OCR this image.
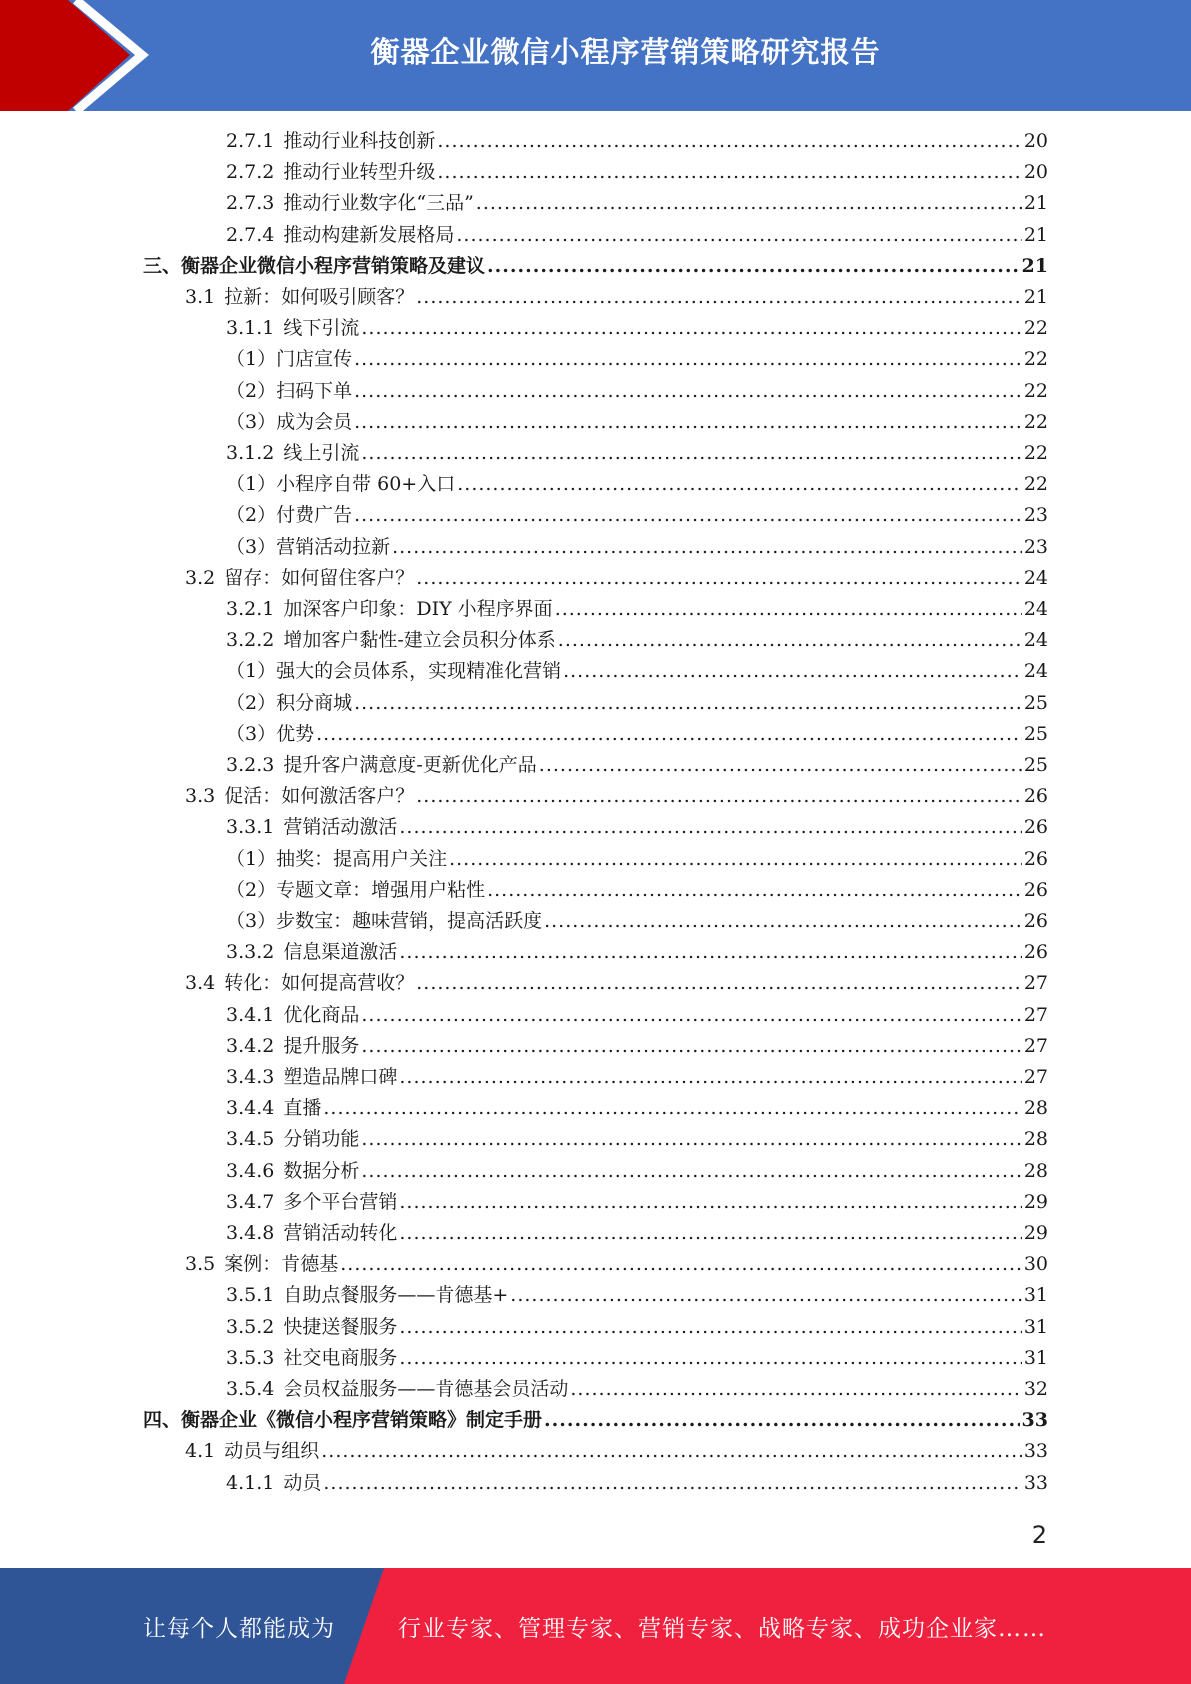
衡器企业微信小程序营销策略研究报告
2.7.1 推动行业科技创新 .....	20
2.7.2 推动行业转型升级 .....	20
2.7.3 推动行业数字化“三品” .....	21
2.7.4 推动构建新发展格局 .....	21
三、衡器企业微信小程序营销策略及建议 .....	21
3.1 拉新：如何吸引顾客？ .....	21
3.1.1 线下引流 .....	22
（1）门店宣传 .....	22
（2）扫码下单 .....	22
（3）成为会员 .....	22
3.1.2 线上引流 .....	22
（1）小程序自带 60+入口 .....	22
（2）付费广告 .....	23
（3）营销活动拉新 .....	23
3.2 留存：如何留住客户？ .....	24
3.2.1 加深客户印象：DIY 小程序界面 .....	24
3.2.2 增加客户黏性-建立会员积分体系 .....	24
（1）强大的会员体系，实现精准化营销 .....	24
（2）积分商城 .....	25
（3）优势 .....	25
3.2.3 提升客户满意度-更新优化产品 .....	25
3.3 促活：如何激活客户？ .....	26
3.3.1 营销活动激活 .....	26
（1）抽奖：提高用户关注 .....	26
（2）专题文章：增强用户粘性 .....	26
（3）步数宝：趣味营销，提高活跃度 .....	26
3.3.2 信息渠道激活 .....	26
3.4 转化：如何提高营收？ .....	27
3.4.1 优化商品 .....	27
3.4.2 提升服务 .....	27
3.4.3 塑造品牌口碑 .....	27
3.4.4 直播 .....	28
3.4.5 分销功能 .....	28
3.4.6 数据分析 .....	28
3.4.7 多个平台营销 .....	29
3.4.8 营销活动转化 .....	29
3.5 案例：肯德基 .....	30
3.5.1 自助点餐服务——肯德基+ .....	31
3.5.2 快捷送餐服务 .....	31
3.5.3 社交电商服务 .....	31
3.5.4 会员权益服务——肯德基会员活动 .....	32
四、衡器企业《微信小程序营销策略》制定手册 .....	33
4.1 动员与组织 .....	33
4.1.1 动员 .....	33
2
让每个人都能成为	行业专家、管理专家、营销专家、战略专家、成功企业家……
